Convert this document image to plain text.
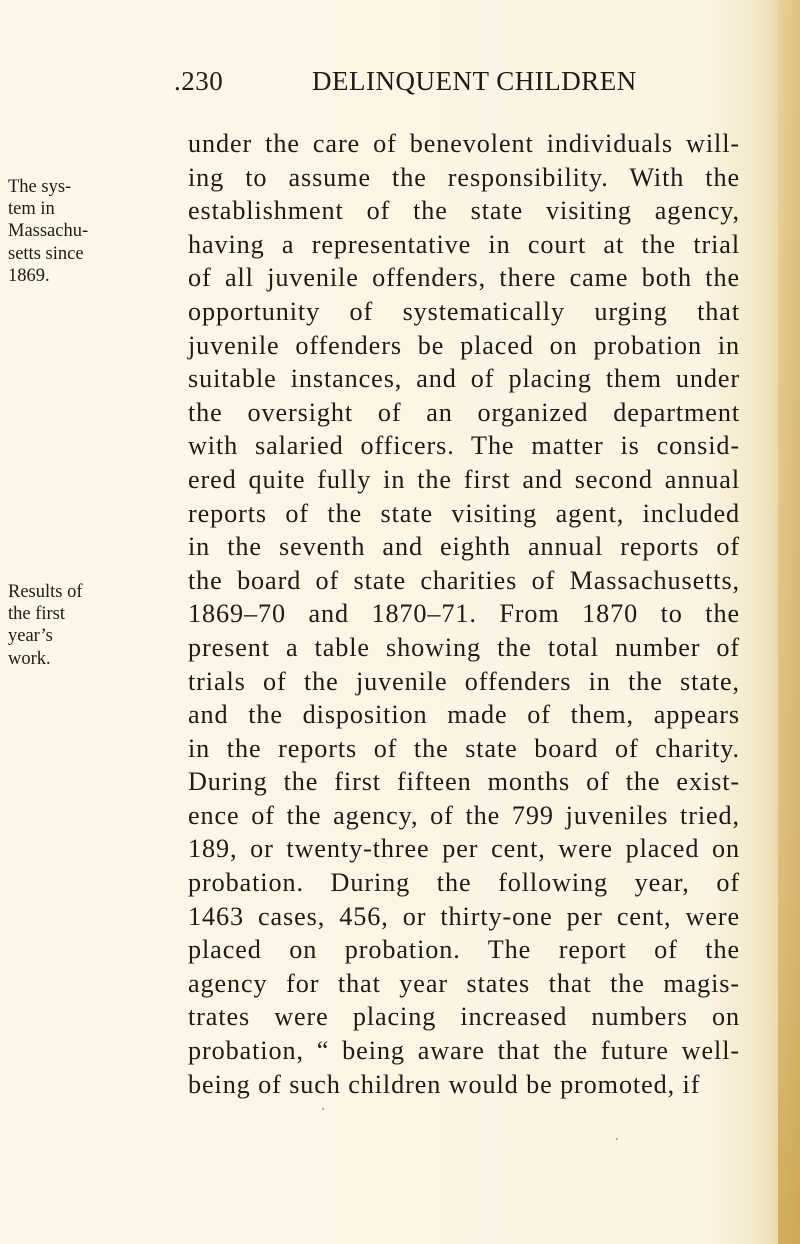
.230	DELINQUENT CHILDREN
The sys-
tem in
Massachu-
setts since
1869.
Results of
the first
year’s
work.
under the care of benevolent individuals will-
ing to assume the responsibility. With the
establishment of the state visiting agency,
having a representative in court at the trial
of all juvenile offenders, there came both the
opportunity of systematically urging that
juvenile offenders be placed on probation in
suitable instances, and of placing them under
the oversight of an organized department
with salaried officers. The matter is consid-
ered quite fully in the first and second annual
reports of the state visiting agent, included
in the seventh and eighth annual reports of
the board of state charities of Massachusetts,
1869–70 and 1870–71. From 1870 to the
present a table showing the total number of
trials of the juvenile offenders in the state,
and the disposition made of them, appears
in the reports of the state board of charity.
During the first fifteen months of the exist-
ence of the agency, of the 799 juveniles tried,
189, or twenty-three per cent, were placed on
probation. During the following year, of
1463 cases, 456, or thirty-one per cent, were
placed on probation. The report of the
agency for that year states that the magis-
trates were placing increased numbers on
probation, “ being aware that the future well-
being of such children would be promoted, if
